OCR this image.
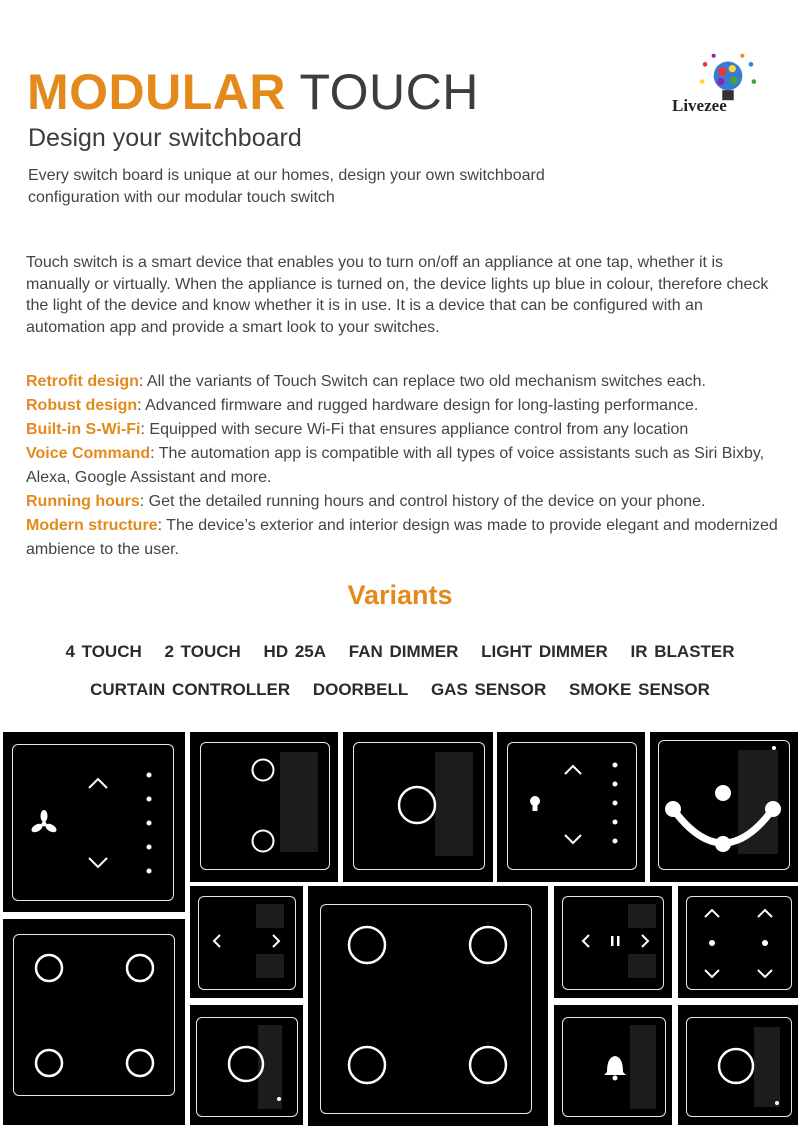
MODULAR TOUCH
Design your switchboard
Every switch board is unique at our homes, design your own switchboard configuration with our modular touch switch
Livezee
Touch switch is a smart device that enables you to turn on/off an appliance at one tap, whether it is manually or virtually. When the appliance is turned on, the device lights up blue in colour, therefore check the light of the device and know whether it is in use. It is a device that can be configured with an automation app and provide a smart look to your switches.
Retrofit design: All the variants of Touch Switch can replace two old mechanism switches each.
Robust design: Advanced firmware and rugged hardware design for long-lasting performance.
Built-in S-Wi-Fi: Equipped with secure Wi-Fi that ensures appliance control from any location
Voice Command: The automation app is compatible with all types of voice assistants such as Siri Bixby, Alexa, Google Assistant and more.
Running hours: Get the detailed running hours and control history of the device on your phone.
Modern structure: The device’s exterior and interior design was made to provide elegant and modernized ambience to the user.
Variants
4 TOUCH 2 TOUCH HD 25A FAN DIMMER LIGHT DIMMER IR BLASTER
CURTAIN CONTROLLER DOORBELL GAS SENSOR SMOKE SENSOR
